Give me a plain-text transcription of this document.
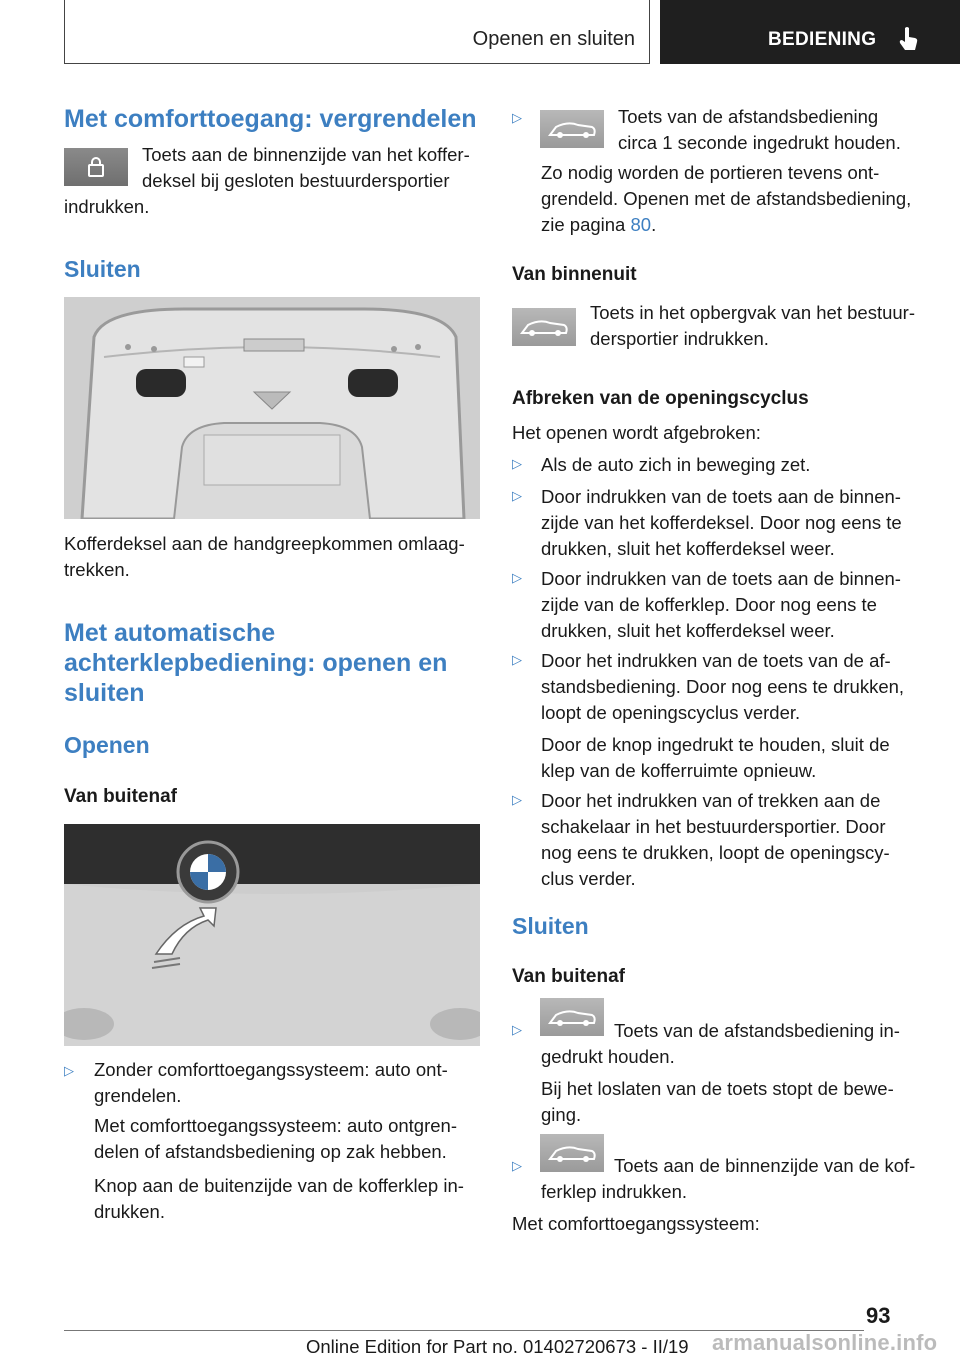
Openen en sluiten	BEDIENING
Met comforttoegang: vergrendelen

Toets aan de binnenzijde van het koffer-

deksel bij gesloten bestuurdersportier

indrukken.

Sluiten

Kofferdeksel aan de handgreepkommen omlaag-

trekken.

Met automatische
achterklepbediening: openen en
sluiten
Openen
Van buitenaf
▷ Zonder comforttoegangssysteem: auto ont-

grendelen.

Met comforttoegangssysteem: auto ontgren-

delen of afstandsbediening op zak hebben.

Knop aan de buitenzijde van de kofferklep in-

drukken.

▷	Toets van de afstandsbediening

circa 1 seconde ingedrukt houden.

Zo nodig worden de portieren tevens ont-

grendeld. Openen met de afstandsbediening,

zie pagina 80.

Van binnenuit

Toets in het opbergvak van het bestuur-

dersportier indrukken.

Afbreken van de openingscyclus

Het openen wordt afgebroken:

▷ Als de auto zich in beweging zet.

▷ Door indrukken van de toets aan de binnen-

zijde van het kofferdeksel. Door nog eens te

drukken, sluit het kofferdeksel weer.

▷ Door indrukken van de toets aan de binnen-

zijde van de kofferklep. Door nog eens te

drukken, sluit het kofferdeksel weer.

▷ Door het indrukken van de toets van de af-

standsbediening. Door nog eens te drukken,

loopt de openingscyclus verder.

Door de knop ingedrukt te houden, sluit de

klep van de kofferruimte opnieuw.

▷ Door het indrukken van of trekken aan de

schakelaar in het bestuurdersportier. Door

nog eens te drukken, loopt de openingscy-

clus verder.

Sluiten
Van buitenaf
▷	Toets van de afstandsbediening in-

gedrukt houden.

Bij het loslaten van de toets stopt de bewe-

ging.

▷	Toets aan de binnenzijde van de kof-

ferklep indrukken.

Met comforttoegangssysteem:

93
Online Edition for Part no. 01402720673 - II/19 armanualsonline.info
